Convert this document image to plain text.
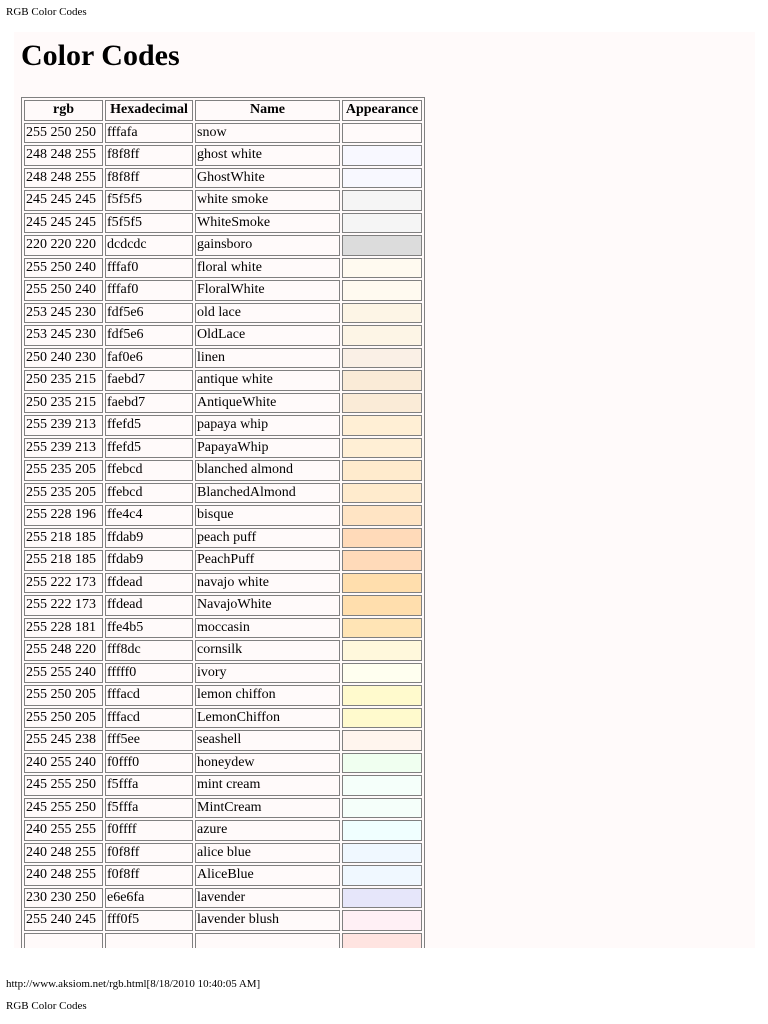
RGB Color Codes
Color Codes
rgb	Hexadecimal	Name	Appearance
255 250 250	fffafa	snow	
248 248 255	f8f8ff	ghost white	
248 248 255	f8f8ff	GhostWhite	
245 245 245	f5f5f5	white smoke	
245 245 245	f5f5f5	WhiteSmoke	
220 220 220	dcdcdc	gainsboro	
255 250 240	fffaf0	floral white	
255 250 240	fffaf0	FloralWhite	
253 245 230	fdf5e6	old lace	
253 245 230	fdf5e6	OldLace	
250 240 230	faf0e6	linen	
250 235 215	faebd7	antique white	
250 235 215	faebd7	AntiqueWhite	
255 239 213	ffefd5	papaya whip	
255 239 213	ffefd5	PapayaWhip	
255 235 205	ffebcd	blanched almond	
255 235 205	ffebcd	BlanchedAlmond	
255 228 196	ffe4c4	bisque	
255 218 185	ffdab9	peach puff	
255 218 185	ffdab9	PeachPuff	
255 222 173	ffdead	navajo white	
255 222 173	ffdead	NavajoWhite	
255 228 181	ffe4b5	moccasin	
255 248 220	fff8dc	cornsilk	
255 255 240	fffff0	ivory	
255 250 205	fffacd	lemon chiffon	
255 250 205	fffacd	LemonChiffon	
255 245 238	fff5ee	seashell	
240 255 240	f0fff0	honeydew	
245 255 250	f5fffa	mint cream	
245 255 250	f5fffa	MintCream	
240 255 255	f0ffff	azure	
240 248 255	f0f8ff	alice blue	
240 248 255	f0f8ff	AliceBlue	
230 230 250	e6e6fa	lavender	
255 240 245	fff0f5	lavender blush	

http://www.aksiom.net/rgb.html[8/18/2010 10:40:05 AM]
RGB Color Codes
